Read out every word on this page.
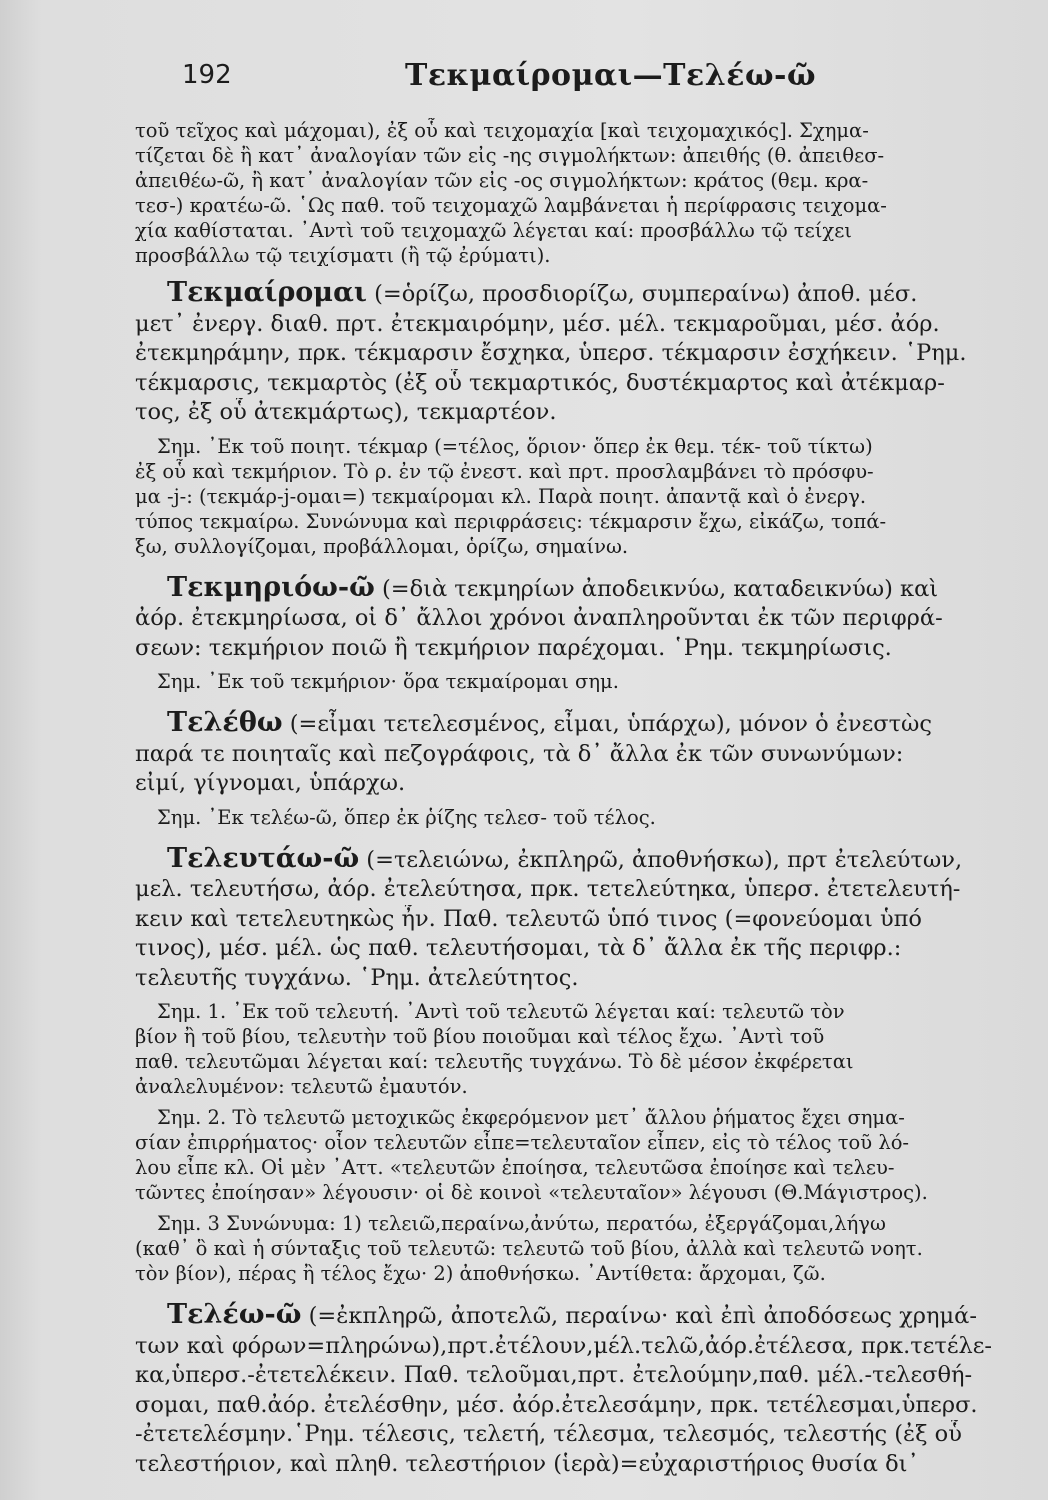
192	Τεκμαίρομαι—Τελέω-ῶ
τοῦ τεῖχος καὶ μάχομαι), ἐξ οὗ καὶ τειχομαχία [καὶ τειχομαχικός]. Σχημα-
τίζεται δὲ ἢ κατ᾽ ἀναλογίαν τῶν εἰς -ης σιγμολήκτων: ἀπειθής (θ. ἀπειθεσ-
ἀπειθέω-ῶ, ἢ κατ᾽ ἀναλογίαν τῶν εἰς -ος σιγμολήκτων: κράτος (θεμ. κρα-
τεσ-) κρατέω-ῶ. ῾Ως παθ. τοῦ τειχομαχῶ λαμβάνεται ἡ περίφρασις τειχομα-
χία καθίσταται. ᾽Αντὶ τοῦ τειχομαχῶ λέγεται καί: προσβάλλω τῷ τείχει
προσβάλλω τῷ τειχίσματι (ἢ τῷ ἐρύματι).
Τεκμαίρομαι (=ὁρίζω, προσδιορίζω, συμπεραίνω) ἀποθ. μέσ.
μετ᾽ ἐνεργ. διαθ. πρτ. ἐτεκμαιρόμην, μέσ. μέλ. τεκμαροῦμαι, μέσ. ἀόρ.
ἐτεκμηράμην, πρκ. τέκμαρσιν ἔσχηκα, ὑπερσ. τέκμαρσιν ἐσχήκειν. ῾Ρημ.
τέκμαρσις, τεκμαρτὸς (ἐξ οὗ τεκμαρτικός, δυστέκμαρτος καὶ ἀτέκμαρ-
τος, ἐξ οὗ ἀτεκμάρτως), τεκμαρτέον.
Σημ. ᾽Εκ τοῦ ποιητ. τέκμαρ (=τέλος, ὅριον· ὅπερ ἐκ θεμ. τέκ- τοῦ τίκτω)
ἐξ οὗ καὶ τεκμήριον. Τὸ ρ. ἐν τῷ ἐνεστ. καὶ πρτ. προσλαμβάνει τὸ πρόσφυ-
μα -j-: (τεκμάρ-j-ομαι=) τεκμαίρομαι κλ. Παρὰ ποιητ. ἀπαντᾷ καὶ ὁ ἐνεργ.
τύπος τεκμαίρω. Συνώνυμα καὶ περιφράσεις: τέκμαρσιν ἔχω, εἰκάζω, τοπά-
ξω, συλλογίζομαι, προβάλλομαι, ὁρίζω, σημαίνω.
Τεκμηριόω-ῶ (=διὰ τεκμηρίων ἀποδεικνύω, καταδεικνύω) καὶ
ἀόρ. ἐτεκμηρίωσα, οἱ δ᾽ ἄλλοι χρόνοι ἀναπληροῦνται ἐκ τῶν περιφρά-
σεων: τεκμήριον ποιῶ ἢ τεκμήριον παρέχομαι. ῾Ρημ. τεκμηρίωσις.
Σημ. ᾽Εκ τοῦ τεκμήριον· ὅρα τεκμαίρομαι σημ.
Τελέθω (=εἶμαι τετελεσμένος, εἶμαι, ὑπάρχω), μόνον ὁ ἐνεστὼς
παρά τε ποιηταῖς καὶ πεζογράφοις, τὰ δ᾽ ἄλλα ἐκ τῶν συνωνύμων:
εἰμί, γίγνομαι, ὑπάρχω.
Σημ. ᾽Εκ τελέω-ῶ, ὅπερ ἐκ ῥίζης τελεσ- τοῦ τέλος.
Τελευτάω-ῶ (=τελειώνω, ἐκπληρῶ, ἀποθνήσκω), πρτ ἐτελεύτων,
μελ. τελευτήσω, ἀόρ. ἐτελεύτησα, πρκ. τετελεύτηκα, ὑπερσ. ἐτετελευτή-
κειν καὶ τετελευτηκὼς ἦν. Παθ. τελευτῶ ὑπό τινος (=φονεύομαι ὑπό
τινος), μέσ. μέλ. ὡς παθ. τελευτήσομαι, τὰ δ᾽ ἄλλα ἐκ τῆς περιφρ.:
τελευτῆς τυγχάνω. ῾Ρημ. ἀτελεύτητος.
Σημ. 1. ᾽Εκ τοῦ τελευτή. ᾽Αντὶ τοῦ τελευτῶ λέγεται καί: τελευτῶ τὸν
βίον ἢ τοῦ βίου, τελευτὴν τοῦ βίου ποιοῦμαι καὶ τέλος ἔχω. ᾽Αντὶ τοῦ
παθ. τελευτῶμαι λέγεται καί: τελευτῆς τυγχάνω. Τὸ δὲ μέσον ἐκφέρεται
ἀναλελυμένον: τελευτῶ ἐμαυτόν.
Σημ. 2. Τὸ τελευτῶ μετοχικῶς ἐκφερόμενον μετ᾽ ἄλλου ῥήματος ἔχει σημα-
σίαν ἐπιρρήματος· οἷον τελευτῶν εἶπε=τελευταῖον εἶπεν, εἰς τὸ τέλος τοῦ λό-
λου εἶπε κλ. Οἱ μὲν ᾽Αττ. «τελευτῶν ἐποίησα, τελευτῶσα ἐποίησε καὶ τελευ-
τῶντες ἐποίησαν» λέγουσιν· οἱ δὲ κοινοὶ «τελευταῖον» λέγουσι (Θ.Μάγιστρος).
Σημ. 3 Συνώνυμα: 1) τελειῶ,περαίνω,ἀνύτω, περατόω, ἐξεργάζομαι,λήγω
(καθ᾽ ὃ καὶ ἡ σύνταξις τοῦ τελευτῶ: τελευτῶ τοῦ βίου, ἀλλὰ καὶ τελευτῶ νοητ.
τὸν βίον), πέρας ἢ τέλος ἔχω· 2) ἀποθνήσκω. ᾽Αντίθετα: ἄρχομαι, ζῶ.
Τελέω-ῶ (=ἐκπληρῶ, ἀποτελῶ, περαίνω· καὶ ἐπὶ ἀποδόσεως χρημά-
των καὶ φόρων=πληρώνω),πρτ.ἐτέλουν,μέλ.τελῶ,ἀόρ.ἐτέλεσα, πρκ.τετέλε-
κα,ὑπερσ.-ἐτετελέκειν. Παθ. τελοῦμαι,πρτ. ἐτελούμην,παθ. μέλ.-τελεσθή-
σομαι, παθ.ἀόρ. ἐτελέσθην, μέσ. ἀόρ.ἐτελεσάμην, πρκ. τετέλεσμαι,ὑπερσ.
-ἐτετελέσμην.῾Ρημ. τέλεσις, τελετή, τέλεσμα, τελεσμός, τελεστής (ἐξ οὗ
τελεστήριον, καὶ πληθ. τελεστήριον (ἱερὰ)=εὐχαριστήριος θυσία δι᾽
